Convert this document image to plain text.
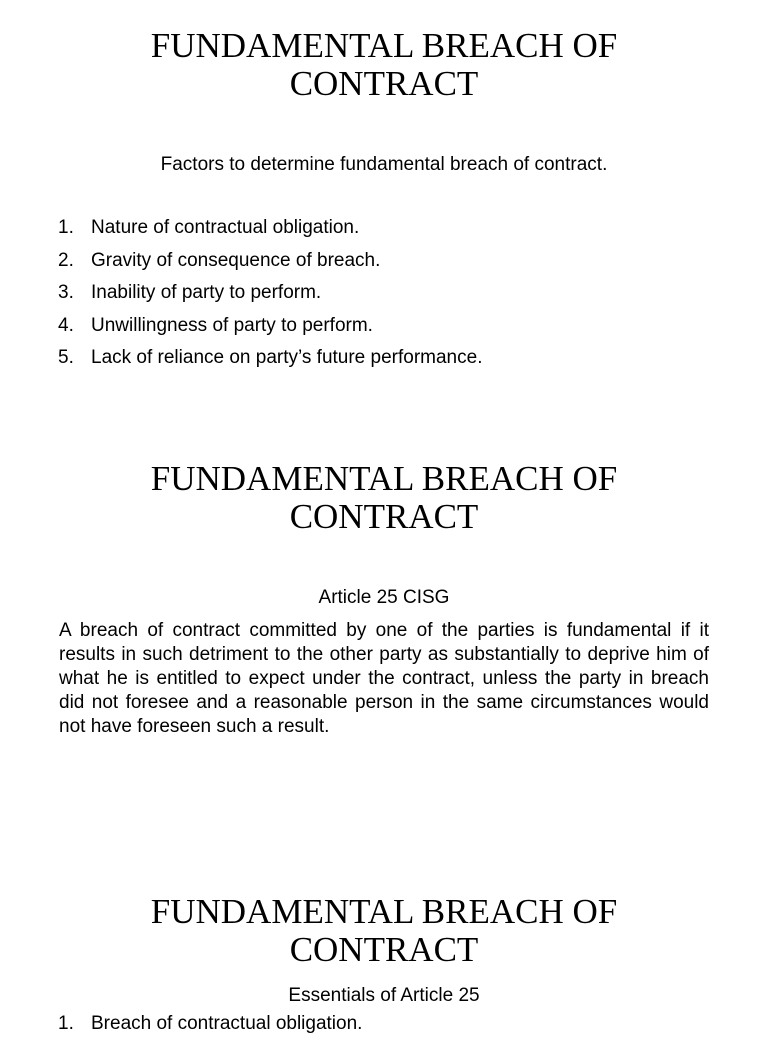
FUNDAMENTAL BREACH OF
CONTRACT

Factors to determine fundamental breach of contract.

1. Nature of contractual obligation.
2. Gravity of consequence of breach.
3. Inability of party to perform.
4. Unwillingness of party to perform.
5. Lack of reliance on party’s future performance.
FUNDAMENTAL BREACH OF
CONTRACT

Article 25 CISG

A breach of contract committed by one of the parties is fundamental if it results in such detriment to the other party as substantially to deprive him of what he is entitled to expect under the contract, unless the party in breach did not foresee and a reasonable person in the same circumstances would not have foreseen such a result.

FUNDAMENTAL BREACH OF
CONTRACT

Essentials of Article 25

1. Breach of contractual obligation.
